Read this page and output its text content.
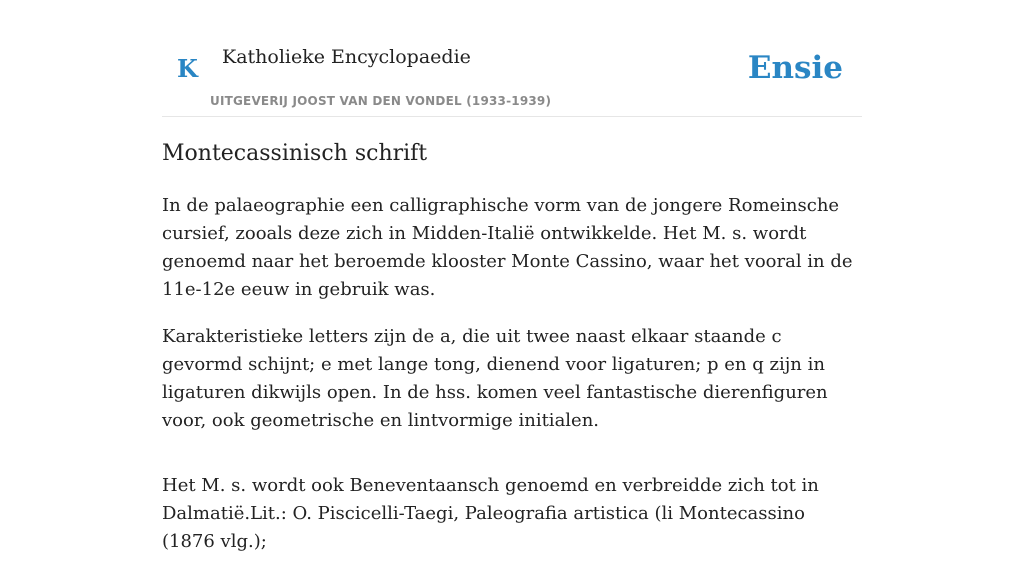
K Katholieke Encyclopaedie
UITGEVERIJ JOOST VAN DEN VONDEL (1933-1939)
Ensie
Montecassinisch schrift

In de palaeographie een calligraphische vorm van de jongere Romeinsche cursief, zooals deze zich in Midden-Italië ontwikkelde. Het M. s. wordt genoemd naar het beroemde klooster Monte Cassino, waar het vooral in de 11e-12e eeuw in gebruik was.

Karakteristieke letters zijn de a, die uit twee naast elkaar staande c gevormd schijnt; e met lange tong, dienend voor ligaturen; p en q zijn in ligaturen dikwijls open. In de hss. komen veel fantastische dierenfiguren voor, ook geometrische en lintvormige initialen.

Het M. s. wordt ook Beneventaansch genoemd en verbreidde zich tot in Dalmatië.Lit.: O. Piscicelli-Taegi, Paleografia artistica (li Montecassino (1876 vlg.);
